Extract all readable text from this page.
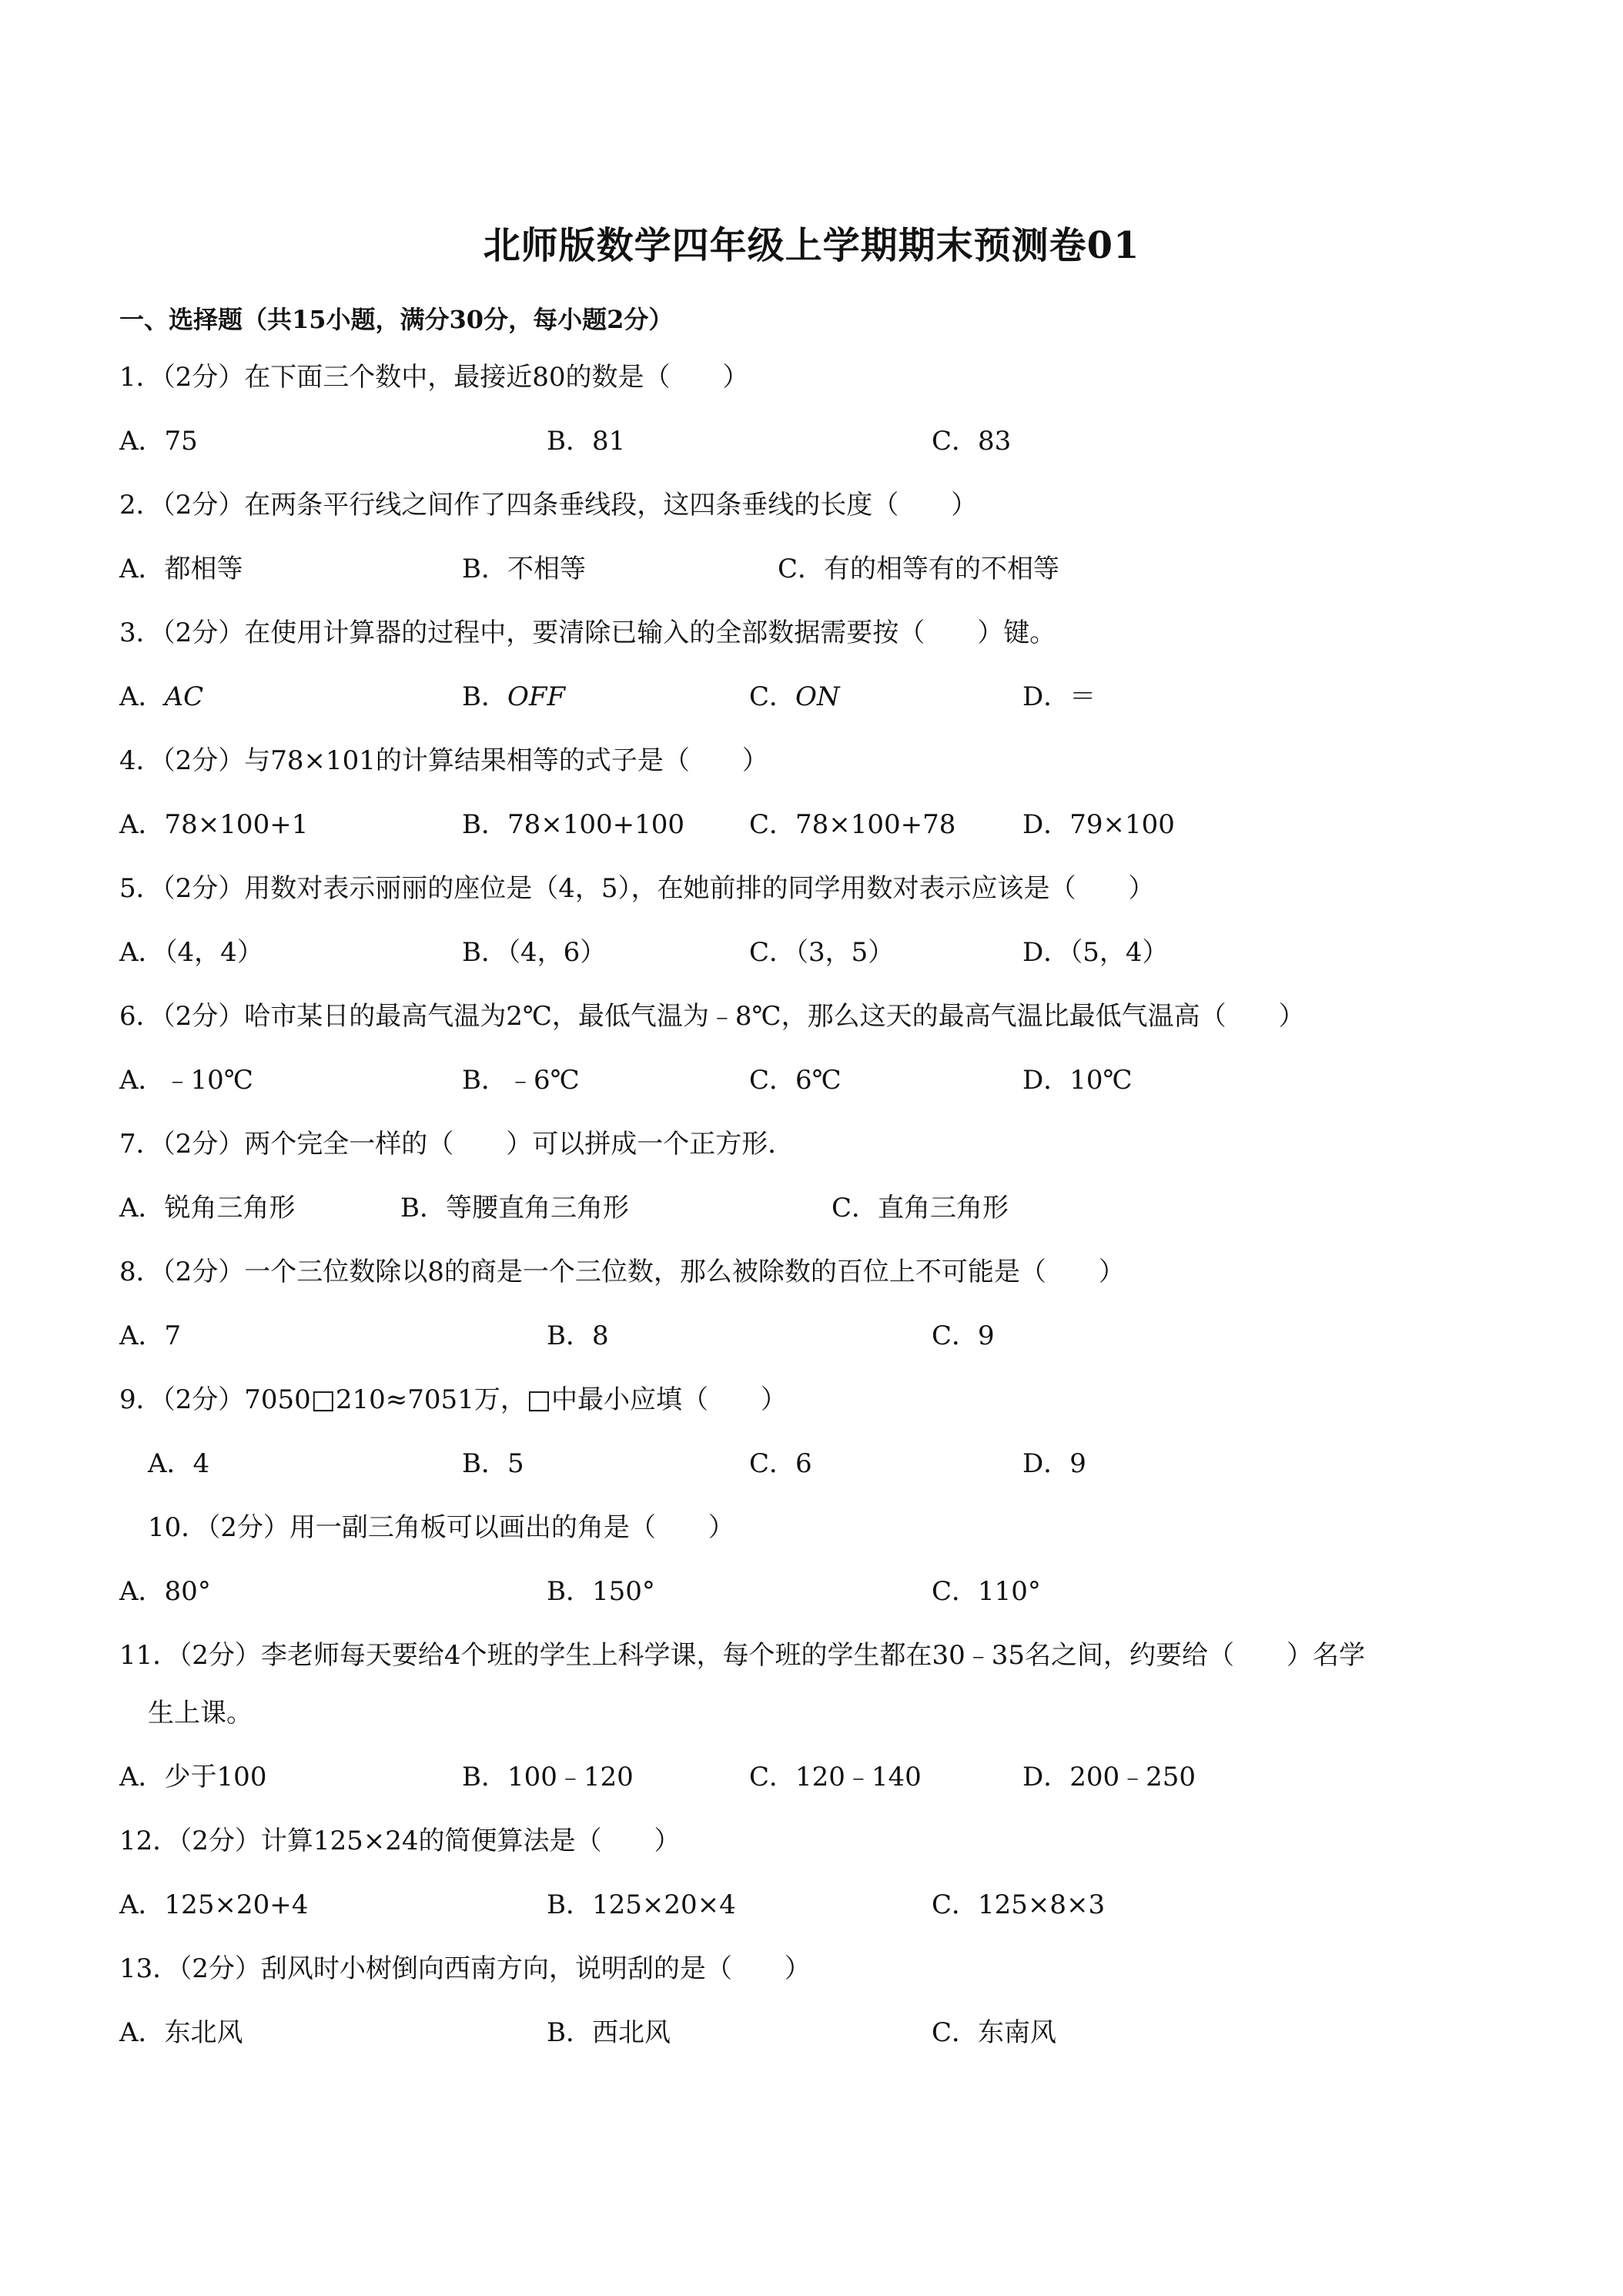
北师版数学四年级上学期期末预测卷01
一、选择题（共15小题，满分30分，每小题2分）
1．（2分）在下面三个数中，最接近80的数是（　　）
A．75	B．81	C．83
2．（2分）在两条平行线之间作了四条垂线段，这四条垂线的长度（　　）
A．都相等	B．不相等	C．有的相等有的不相等
3．（2分）在使用计算器的过程中，要清除已输入的全部数据需要按（　　）键。
A．AC	B．OFF	C．ON	D．＝
4．（2分）与78×101的计算结果相等的式子是（　　）
A．78×100+1	B．78×100+100 C．78×100+78	D．79×100
5．（2分）用数对表示丽丽的座位是（4，5），在她前排的同学用数对表示应该是（　　）
A．（4，4）	B．（4，6）	C．（3，5）	D．（5，4）
6．（2分）哈市某日的最高气温为2℃，最低气温为﹣8℃，那么这天的最高气温比最低气温高（　　）
A．﹣10℃	B．﹣6℃	C．6℃	D．10℃
7．（2分）两个完全一样的（　　）可以拼成一个正方形．
A．锐角三角形	B．等腰直角三角形	C．直角三角形
8．（2分）一个三位数除以8的商是一个三位数，那么被除数的百位上不可能是（　　）
A．7	B．8	C．9
9．（2分）7050□210≈7051万，□中最小应填（　　）
A．4	B．5	C．6	D．9
10．（2分）用一副三角板可以画出的角是（　　）
A．80°	B．150°	C．110°
11．（2分）李老师每天要给4个班的学生上科学课，每个班的学生都在30﹣35名之间，约要给（　　）名学
生上课。
A．少于100	B．100﹣120	C．120﹣140	D．200﹣250
12．（2分）计算125×24的简便算法是（　　）
A．125×20+4	B．125×20×4	C．125×8×3
13．（2分）刮风时小树倒向西南方向，说明刮的是（　　）
A．东北风	B．西北风	C．东南风
